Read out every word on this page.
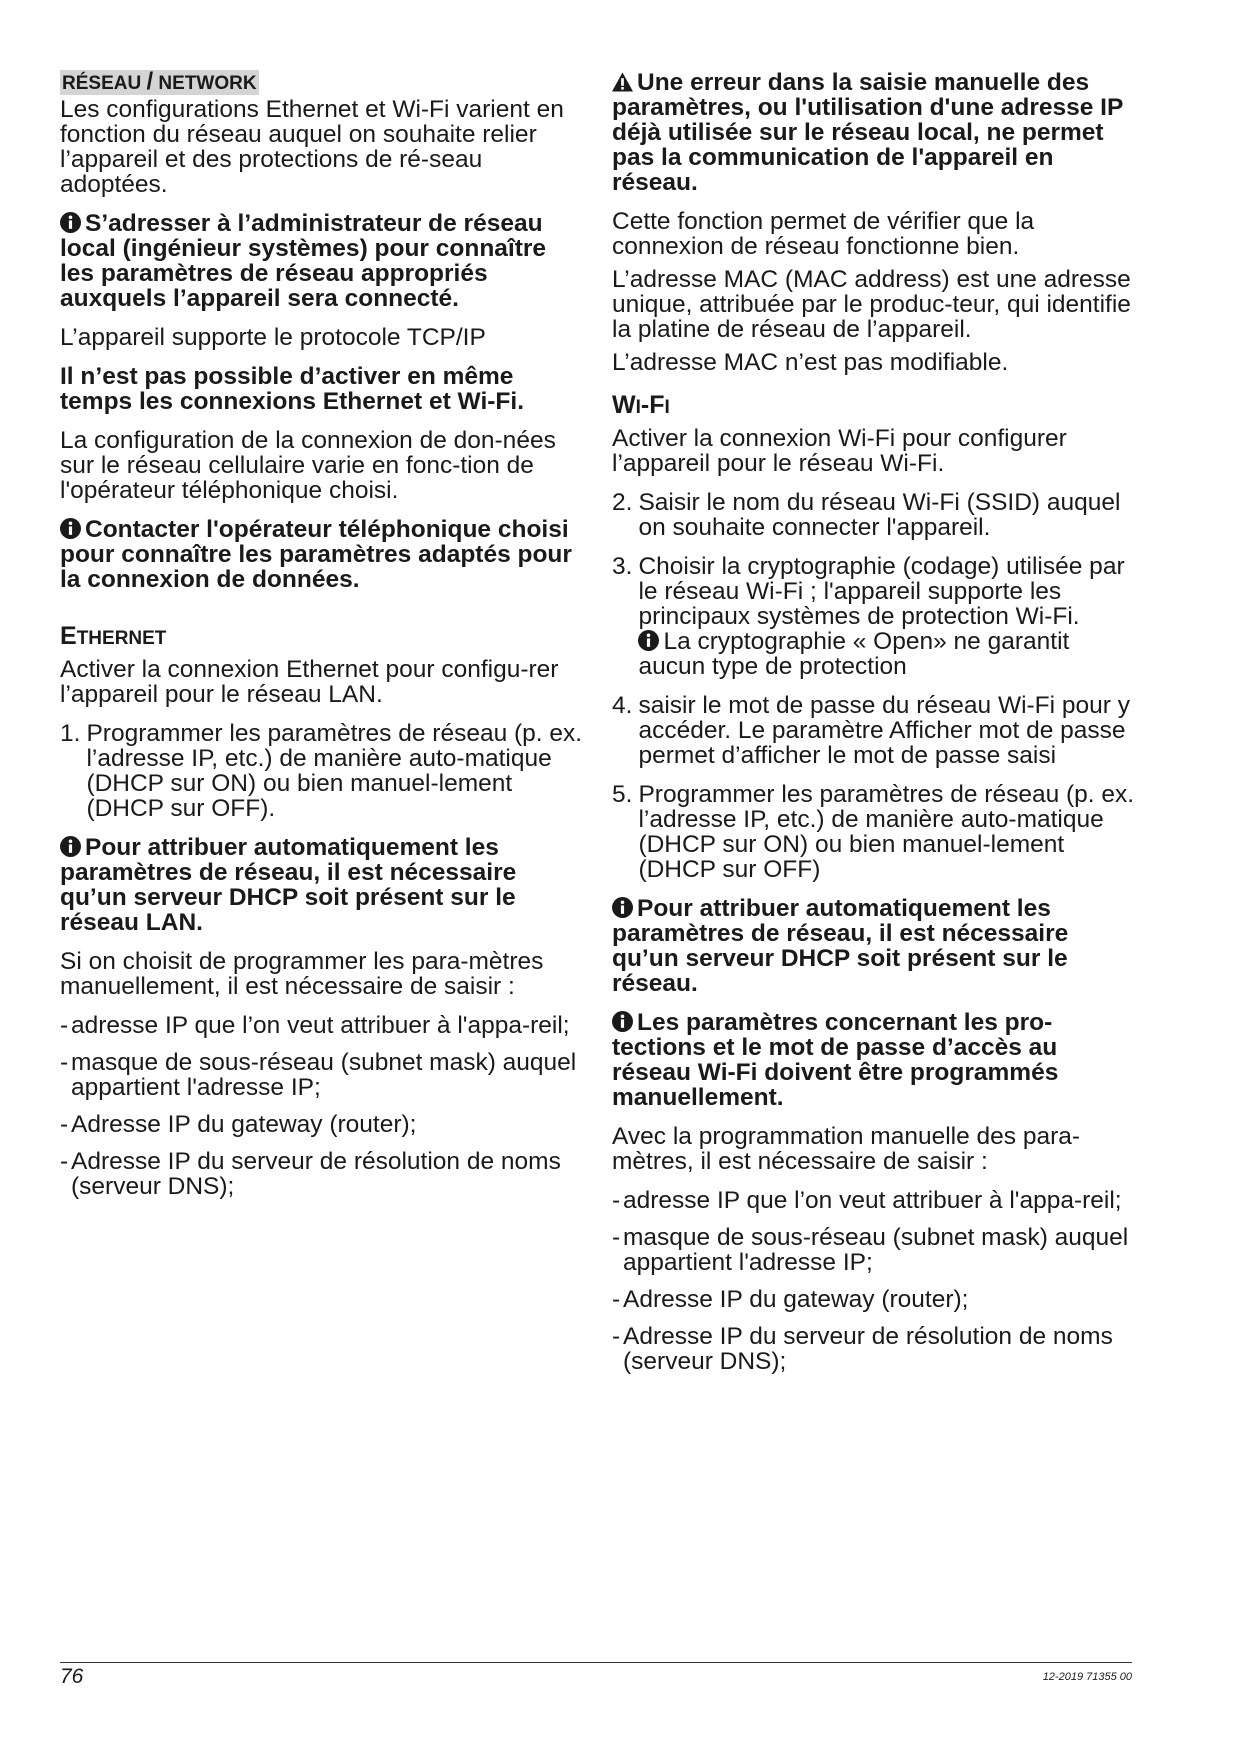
RÉSEAU / NETWORK

Les configurations Ethernet et Wi-Fi varient en fonction du réseau auquel on souhaite relier l’appareil et des protections de ré-seau adoptées.

S’adresser à l’administrateur de réseau local (ingénieur systèmes) pour connaître les paramètres de réseau appropriés auxquels l’appareil sera connecté.

L’appareil supporte le protocole TCP/IP

Il n’est pas possible d’activer en même temps les connexions Ethernet et Wi-Fi.

La configuration de la connexion de don-nées sur le réseau cellulaire varie en fonc-tion de l'opérateur téléphonique choisi.

Contacter l'opérateur téléphonique choisi pour connaître les paramètres adaptés pour la connexion de données.

ETHERNET

Activer la connexion Ethernet pour configu-rer l’appareil pour le réseau LAN.

1. Programmer les paramètres de réseau (p. ex. l’adresse IP, etc.) de manière auto-matique (DHCP sur ON) ou bien manuel-lement (DHCP sur OFF).

Pour attribuer automatiquement les paramètres de réseau, il est nécessaire qu’un serveur DHCP soit présent sur le réseau LAN.

Si on choisit de programmer les para-mètres manuellement, il est nécessaire de saisir :

- adresse IP que l’on veut attribuer à l'appa-reil;
- masque de sous-réseau (subnet mask) auquel appartient l'adresse IP;
- Adresse IP du gateway (router);
- Adresse IP du serveur de résolution de noms (serveur DNS);

Une erreur dans la saisie manuelle des paramètres, ou l'utilisation d'une adresse IP déjà utilisée sur le réseau local, ne permet pas la communication de l'appareil en réseau.

Cette fonction permet de vérifier que la connexion de réseau fonctionne bien.

L’adresse MAC (MAC address) est une adresse unique, attribuée par le produc-teur, qui identifie la platine de réseau de l’appareil.

L’adresse MAC n’est pas modifiable.

WI-FI

Activer la connexion Wi-Fi pour configurer l’appareil pour le réseau Wi-Fi.

2. Saisir le nom du réseau Wi-Fi (SSID) auquel on souhaite connecter l'appareil.
3. Choisir la cryptographie (codage) utilisée par le réseau Wi-Fi ; l'appareil supporte les principaux systèmes de protection Wi-Fi.
La cryptographie « Open» ne garantit aucun type de protection
4. saisir le mot de passe du réseau Wi-Fi pour y accéder. Le paramètre Afficher mot de passe permet d’afficher le mot de passe saisi
5. Programmer les paramètres de réseau (p. ex. l’adresse IP, etc.) de manière auto-matique (DHCP sur ON) ou bien manuel-lement (DHCP sur OFF)

Pour attribuer automatiquement les paramètres de réseau, il est nécessaire qu’un serveur DHCP soit présent sur le réseau.

Les paramètres concernant les pro-tections et le mot de passe d’accès au réseau Wi-Fi doivent être programmés manuellement.

Avec la programmation manuelle des para-mètres, il est nécessaire de saisir :

- adresse IP que l’on veut attribuer à l'appa-reil;
- masque de sous-réseau (subnet mask) auquel appartient l'adresse IP;
- Adresse IP du gateway (router);
- Adresse IP du serveur de résolution de noms (serveur DNS);
76	12-2019 71355 00
